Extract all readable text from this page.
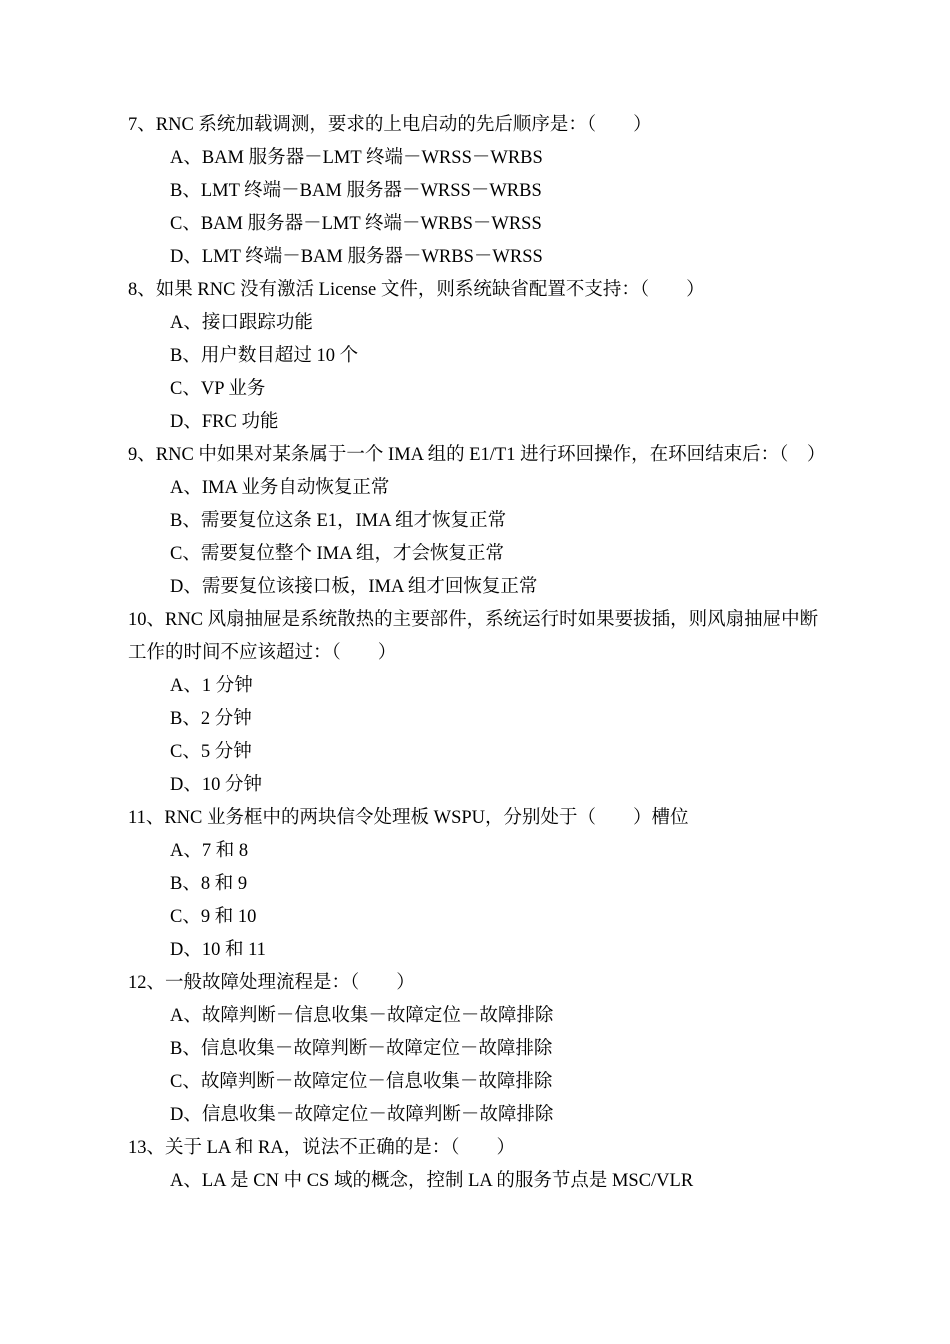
7、RNC 系统加载调测，要求的上电启动的先后顺序是：（　　）
A、BAM 服务器－LMT 终端－WRSS－WRBS
B、LMT 终端－BAM 服务器－WRSS－WRBS
C、BAM 服务器－LMT 终端－WRBS－WRSS
D、LMT 终端－BAM 服务器－WRBS－WRSS
8、如果 RNC 没有激活 License 文件，则系统缺省配置不支持：（　　）
A、接口跟踪功能
B、用户数目超过 10 个
C、VP 业务
D、FRC 功能
9、RNC 中如果对某条属于一个 IMA 组的 E1/T1 进行环回操作，在环回结束后：（　）
A、IMA 业务自动恢复正常
B、需要复位这条 E1，IMA 组才恢复正常
C、需要复位整个 IMA 组，才会恢复正常
D、需要复位该接口板，IMA 组才回恢复正常
10、RNC 风扇抽屉是系统散热的主要部件，系统运行时如果要拔插，则风扇抽屉中断工作的时间不应该超过：（　　）
A、1 分钟
B、2 分钟
C、5 分钟
D、10 分钟
11、RNC 业务框中的两块信令处理板 WSPU，分别处于（　　）槽位
A、7 和 8
B、8 和 9
C、9 和 10
D、10 和 11
12、一般故障处理流程是：（　　）
A、故障判断－信息收集－故障定位－故障排除
B、信息收集－故障判断－故障定位－故障排除
C、故障判断－故障定位－信息收集－故障排除
D、信息收集－故障定位－故障判断－故障排除
13、关于 LA 和 RA，说法不正确的是：（　　）
A、LA 是 CN 中 CS 域的概念，控制 LA 的服务节点是 MSC/VLR
